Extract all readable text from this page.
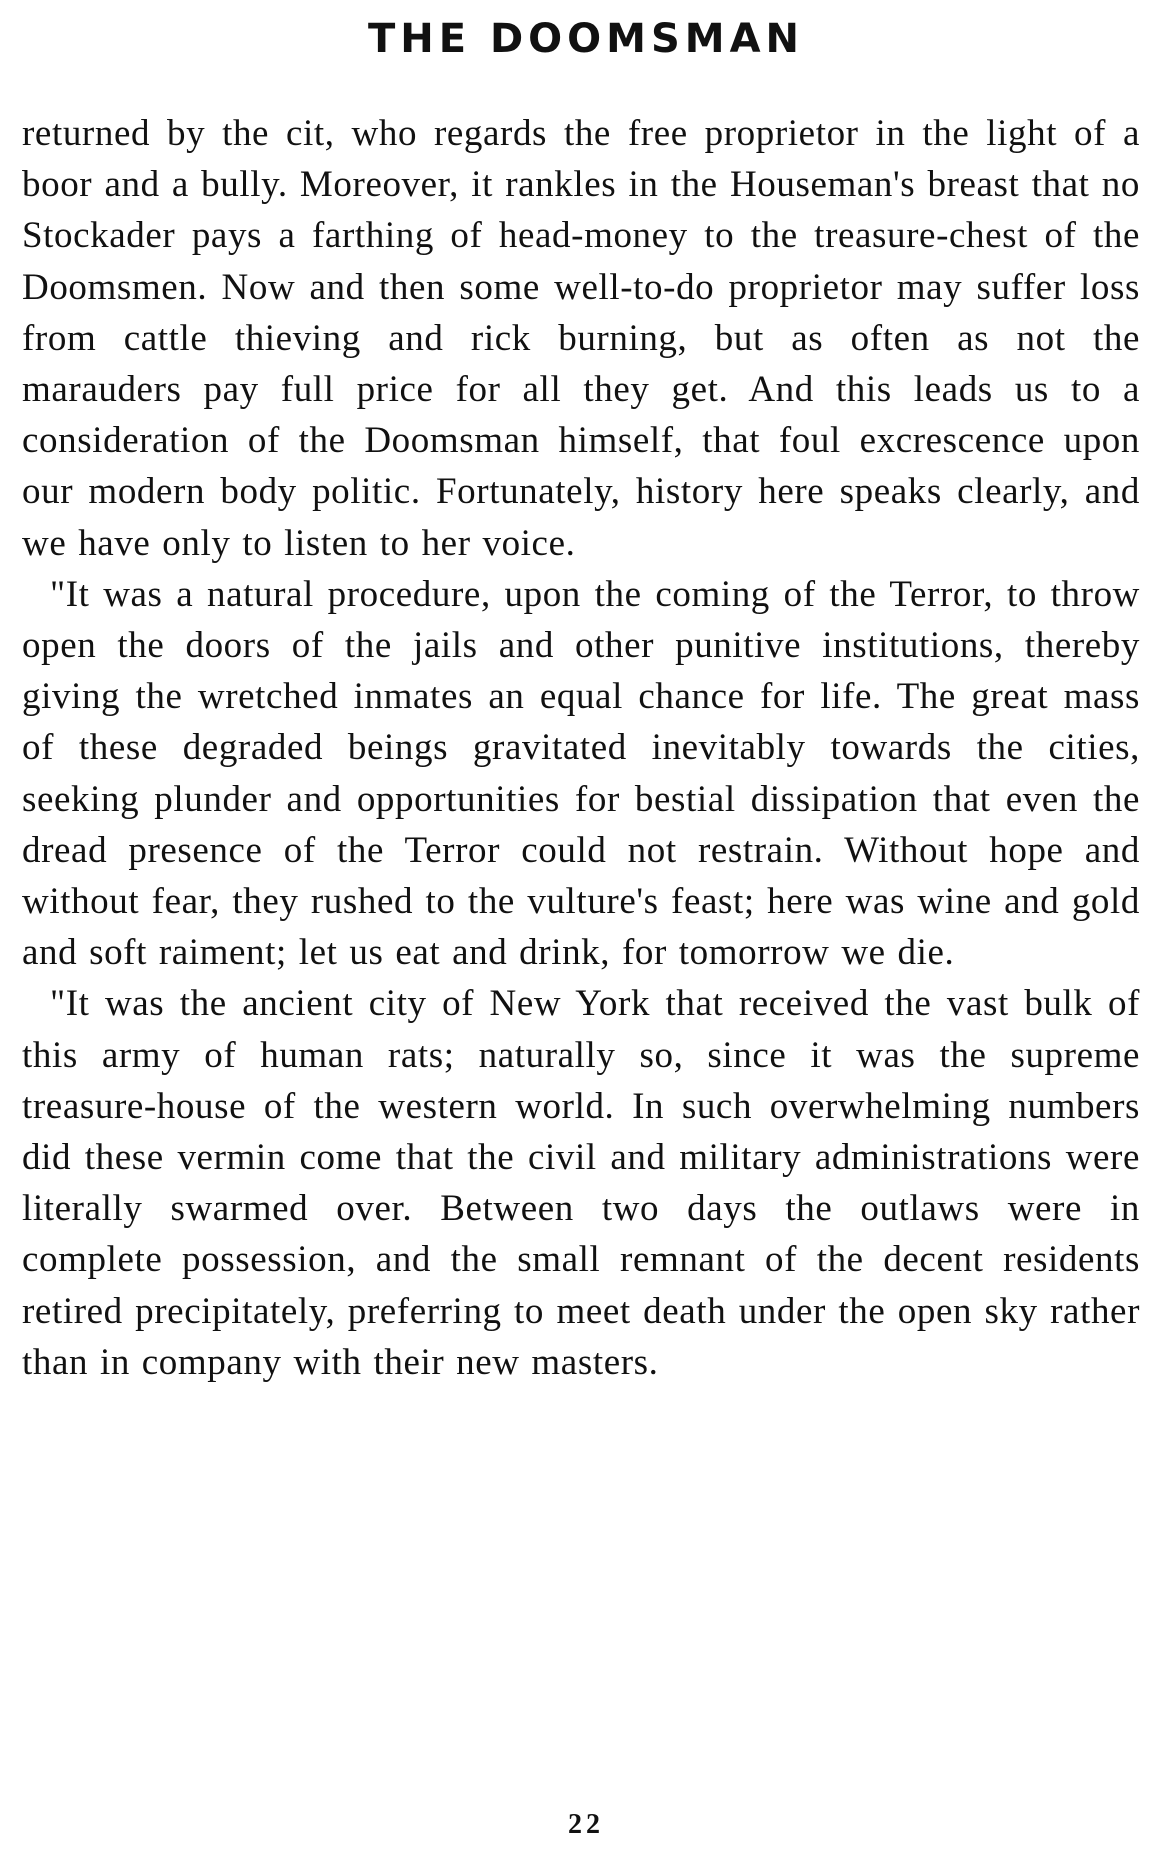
THE DOOMSMAN

returned by the cit, who regards the free proprietor in the light of a boor and a bully. Moreover, it rankles in the Houseman's breast that no Stockader pays a farthing of head-money to the treasure-chest of the Doomsmen. Now and then some well-to-do proprietor may suffer loss from cattle thieving and rick burning, but as often as not the marauders pay full price for all they get. And this leads us to a consideration of the Doomsman himself, that foul excrescence upon our modern body politic. Fortunately, history here speaks clearly, and we have only to listen to her voice.

"It was a natural procedure, upon the coming of the Terror, to throw open the doors of the jails and other punitive institutions, thereby giving the wretched inmates an equal chance for life. The great mass of these degraded beings gravitated inevitably towards the cities, seeking plunder and opportunities for bestial dissipation that even the dread presence of the Terror could not restrain. Without hope and without fear, they rushed to the vulture's feast; here was wine and gold and soft raiment; let us eat and drink, for tomorrow we die.

"It was the ancient city of New York that received the vast bulk of this army of human rats; naturally so, since it was the supreme treasure-house of the western world. In such overwhelming numbers did these vermin come that the civil and military administrations were literally swarmed over. Between two days the outlaws were in complete possession, and the small remnant of the decent residents retired precipitately, preferring to meet death under the open sky rather than in company with their new masters.

22
